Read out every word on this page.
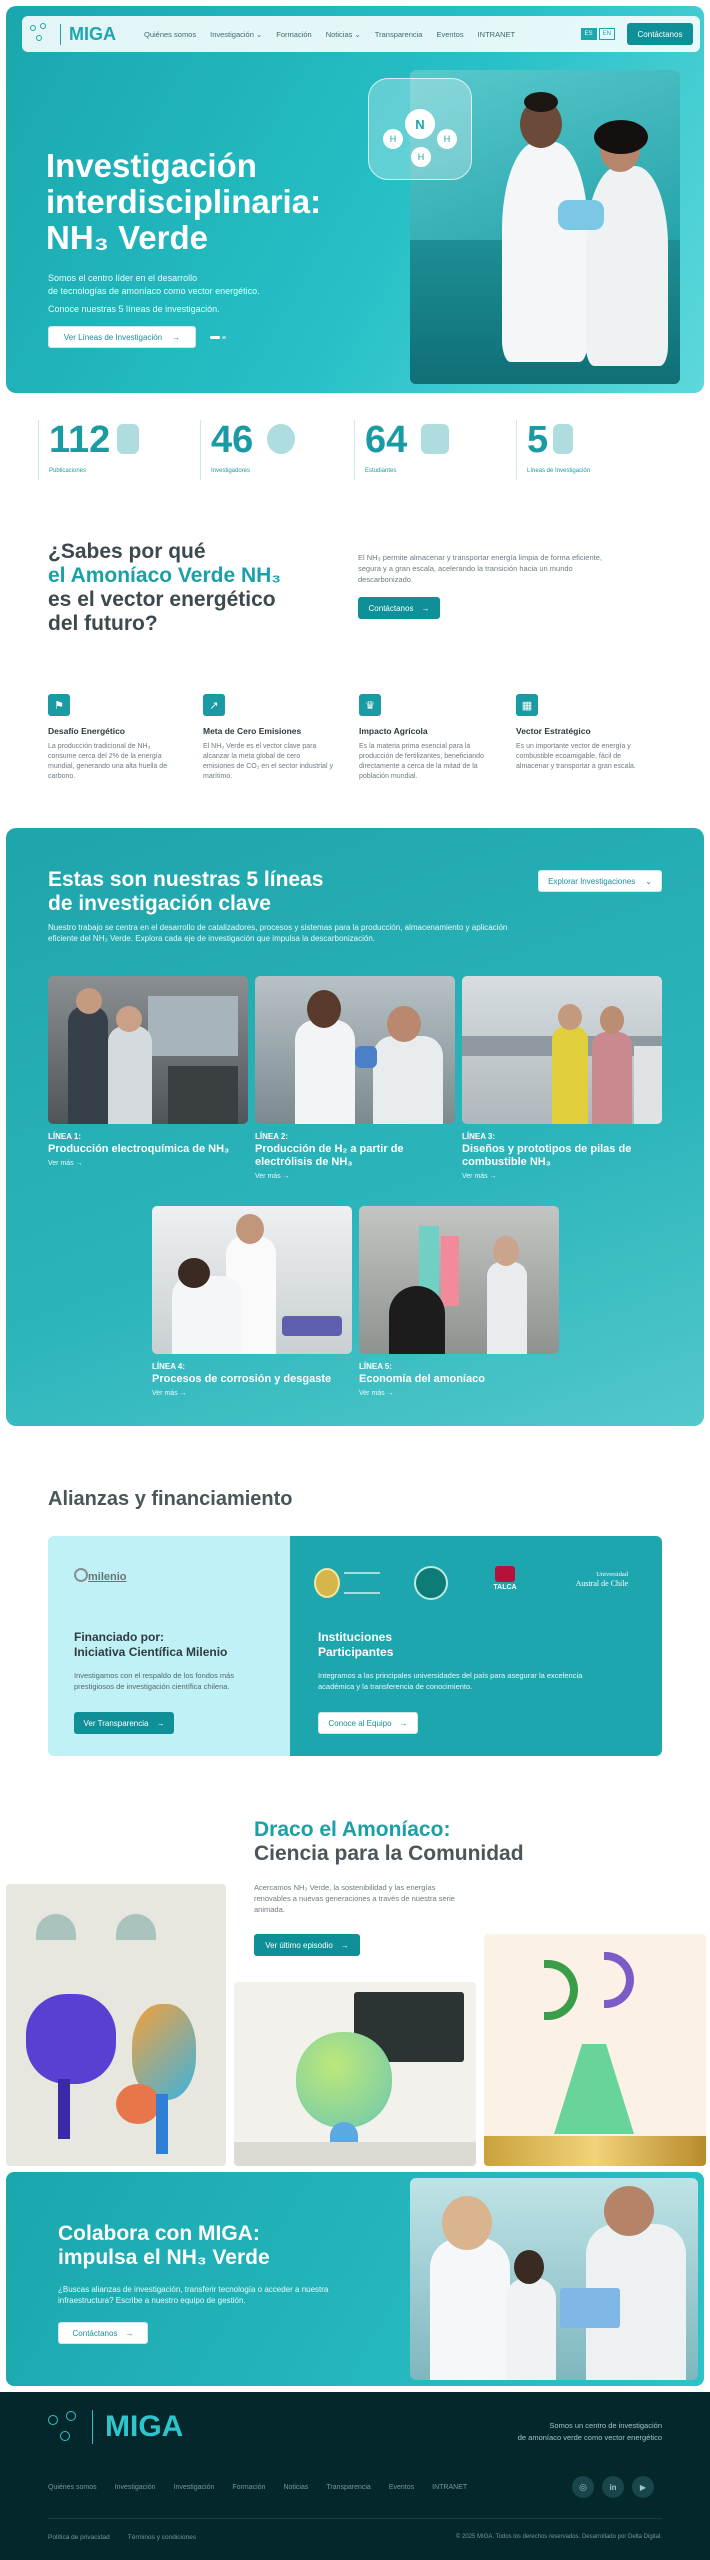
MIGA	Quiénes somos Investigación ⌄ Formación Noticias ⌄ Transparencia Eventos INTRANET	ES	EN	Contáctanos
Investigación
interdisciplinaria:
NH₃ Verde
Somos el centro líder en el desarrollo
de tecnologías de amoníaco como vector energético.
Conoce nuestras 5 líneas de investigación.
Ver Líneas de Investigación →
N
H	H
H
112
Publicaciones
46
Investigadores
64
Estudiantes
5
Líneas de Investigación
¿Sabes por qué
el Amoníaco Verde NH₃
es el vector energético
del futuro?
El NH₃ permite almacenar y transportar energía limpia de forma eficiente, segura y a gran escala, acelerando la transición hacia un mundo descarbonizado.
Contáctanos →
⚑
Desafío Energético

La producción tradicional de NH₃ consume cerca del 2% de la energía mundial, generando una alta huella de carbono.

↗
Meta de Cero Emisiones

El NH₃ Verde es el vector clave para alcanzar la meta global de cero emisiones de CO₂ en el sector industrial y marítimo.

♛
Impacto Agrícola

Es la materia prima esencial para la producción de fertilizantes, beneficiando directamente a cerca de la mitad de la población mundial.

▦
Vector Estratégico

Es un importante vector de energía y combustible ecoamigable, fácil de almacenar y transportar a gran escala.

Estas son nuestras 5 líneas
de investigación clave
Explorar Investigaciones ⌄
Nuestro trabajo se centra en el desarrollo de catalizadores, procesos y sistemas para la producción, almacenamiento y aplicación eficiente del NH₃ Verde. Explora cada eje de investigación que impulsa la descarbonización.
LÍNEA 1:
Producción electroquímica de NH₃
Ver más →
LÍNEA 2:
Producción de H₂ a partir de electrólisis de NH₃
Ver más →
LÍNEA 3:
Diseños y prototipos de pilas de combustible NH₃
Ver más →
LÍNEA 4:
Procesos de corrosión y desgaste
Ver más →
LÍNEA 5:
Economía del amoníaco
Ver más →
Alianzas y financiamiento
milenio
Financiado por:
Iniciativa Científica Milenio
Investigamos con el respaldo de los fondos más prestigiosos de investigación científica chilena.
Ver Transparencia →
TALCA
Universidad
Austral de Chile
Instituciones
Participantes
Integramos a las principales universidades del país para asegurar la excelencia académica y la transferencia de conocimiento.
Conoce al Equipo →
Draco el Amoníaco:
Ciencia para la Comunidad
Acercamos NH₃ Verde, la sostenibilidad y las energías renovables a nuevas generaciones a través de nuestra serie animada.
Ver último episodio →
Colabora con MIGA:
impulsa el NH₃ Verde
¿Buscas alianzas de investigación, transferir tecnología o acceder a nuestra infraestructura? Escribe a nuestro equipo de gestión.
Contáctanos →
MIGA	Somos un centro de investigación
de amoníaco verde como vector energético
Quiénes somos	Investigación	Investigación	Formación	Noticias	Transparencia	Eventos	INTRANET	◎	in	▶
Política de privacidad	Términos y condiciones	© 2025 MIGA. Todos los derechos reservados. Desarrollado por Delta Digital.
